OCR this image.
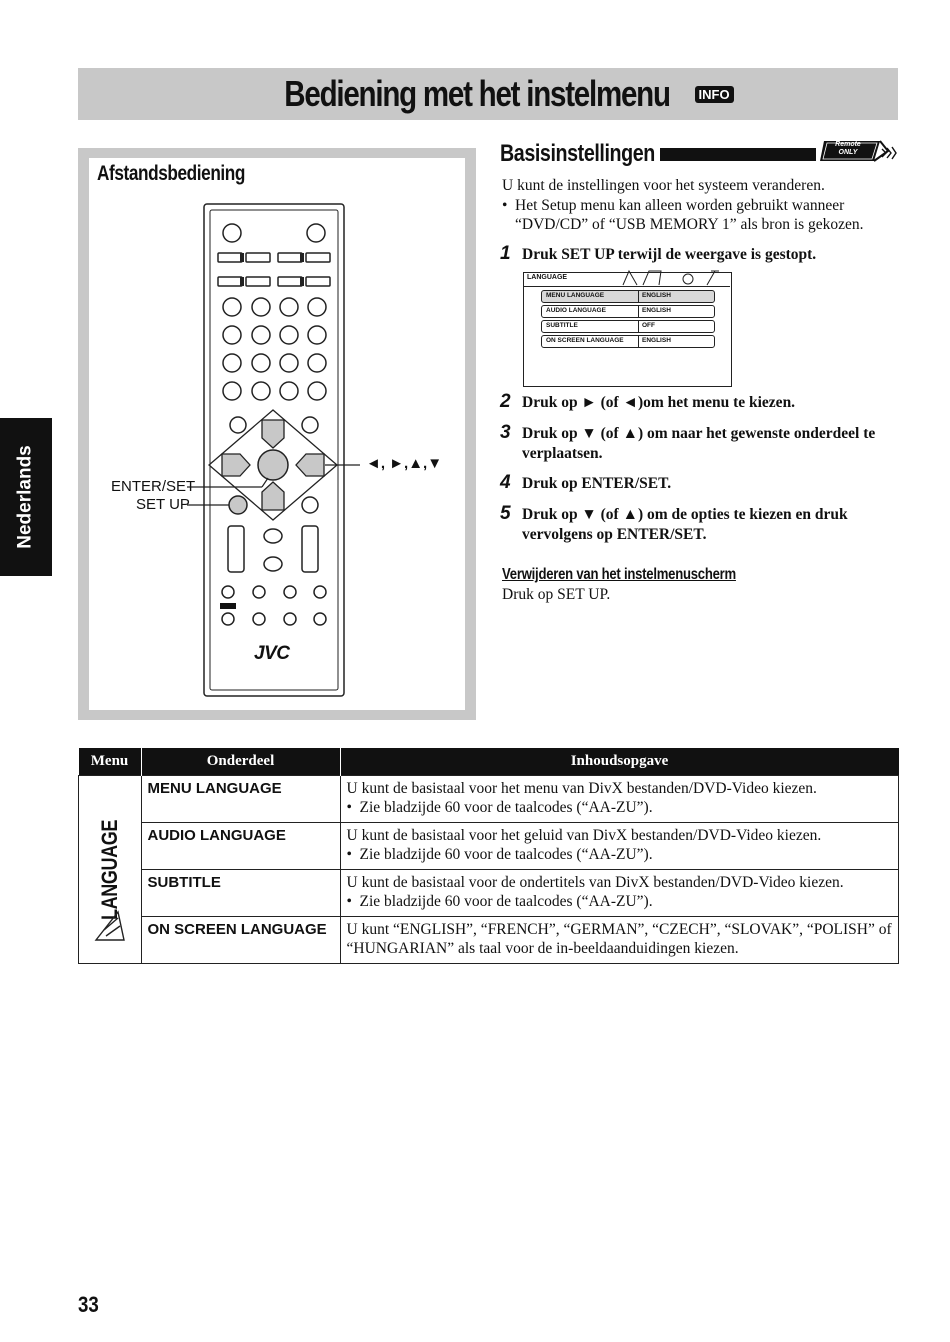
Bediening met het instelmenu	INFO
Nederlands
Afstandsbediening
ENTER/SET
SET UP
◄, ►,▲,▼
JVC
Basisinstellingen	Remote
ONLY

U kunt de instellingen voor het systeem veranderen.

• Het Setup menu kan alleen worden gebruikt wanneer “DVD/CD” of “USB MEMORY 1” als bron is gekozen.

1 Druk SET UP terwijl de weergave is gestopt.
LANGUAGE
MENU LANGUAGE	ENGLISH
AUDIO LANGUAGE	ENGLISH
SUBTITLE	OFF
ON SCREEN LANGUAGE	ENGLISH
2 Druk op ► (of ◄)om het menu te kiezen.
3 Druk op ▼ (of ▲) om naar het gewenste onderdeel te verplaatsen.
4 Druk op ENTER/SET.
5 Druk op ▼ (of ▲) om de opties te kiezen en druk vervolgens op ENTER/SET.
Verwijderen van het instelmenuscherm
Druk op SET UP.
Menu	Onderdeel	Inhoudsopgave
	MENU LANGUAGE	U kunt de basistaal voor het menu van DivX bestanden/DVD-Video kiezen.
• Zie bladzijde 60 voor de taalcodes (“AA-ZU”).

	AUDIO LANGUAGE	U kunt de basistaal voor het geluid van DivX bestanden/DVD-Video kiezen.
• Zie bladzijde 60 voor de taalcodes (“AA-ZU”).

	SUBTITLE	U kunt de basistaal voor de ondertitels van DivX bestanden/DVD-Video kiezen.
• Zie bladzijde 60 voor de taalcodes (“AA-ZU”).

	ON SCREEN LANGUAGE	U kunt “ENGLISH”, “FRENCH”, “GERMAN”, “CZECH”, “SLOVAK”, “POLISH” of “HUNGARIAN” als taal voor de in-beeldaanduidingen kiezen.
LANGUAGE
33
